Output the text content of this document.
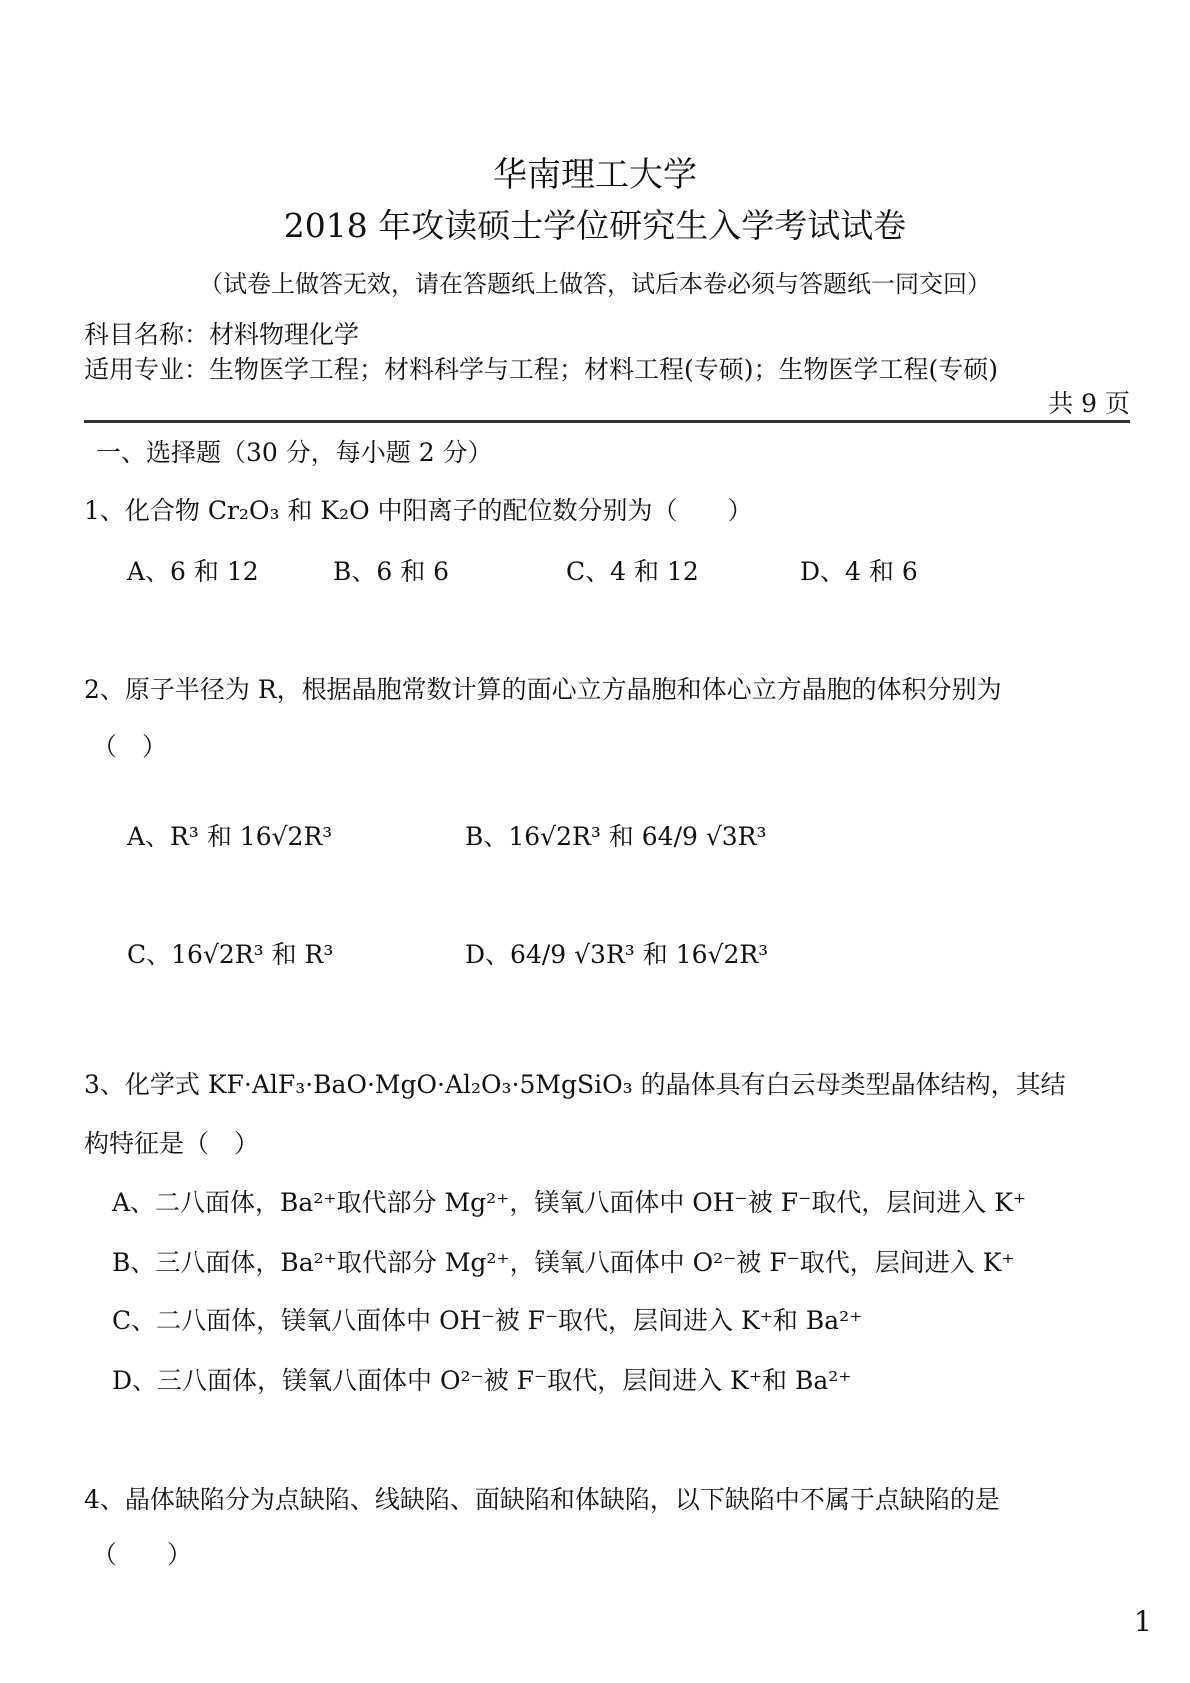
华南理工大学
2018 年攻读硕士学位研究生入学考试试卷
（试卷上做答无效，请在答题纸上做答，试后本卷必须与答题纸一同交回）
科目名称：材料物理化学
适用专业：生物医学工程；材料科学与工程；材料工程(专硕)；生物医学工程(专硕)
共 9 页
一、选择题（30 分，每小题 2 分）
1、化合物 Cr₂O₃ 和 K₂O 中阳离子的配位数分别为（　　）
A、6 和 12	B、6 和 6	C、4 和 12	D、4 和 6
2、原子半径为 R，根据晶胞常数计算的面心立方晶胞和体心立方晶胞的体积分别为
（　）
A、R³ 和 16√2R³	B、16√2R³ 和 64/9 √3R³
C、16√2R³ 和 R³	D、64/9 √3R³ 和 16√2R³
3、化学式 KF·AlF₃·BaO·MgO·Al₂O₃·5MgSiO₃ 的晶体具有白云母类型晶体结构，其结
构特征是（　）
A、二八面体，Ba²⁺取代部分 Mg²⁺，镁氧八面体中 OH⁻被 F⁻取代，层间进入 K⁺
B、三八面体，Ba²⁺取代部分 Mg²⁺，镁氧八面体中 O²⁻被 F⁻取代，层间进入 K⁺
C、二八面体，镁氧八面体中 OH⁻被 F⁻取代，层间进入 K⁺和 Ba²⁺
D、三八面体，镁氧八面体中 O²⁻被 F⁻取代，层间进入 K⁺和 Ba²⁺
4、晶体缺陷分为点缺陷、线缺陷、面缺陷和体缺陷，以下缺陷中不属于点缺陷的是
（　　）
1
